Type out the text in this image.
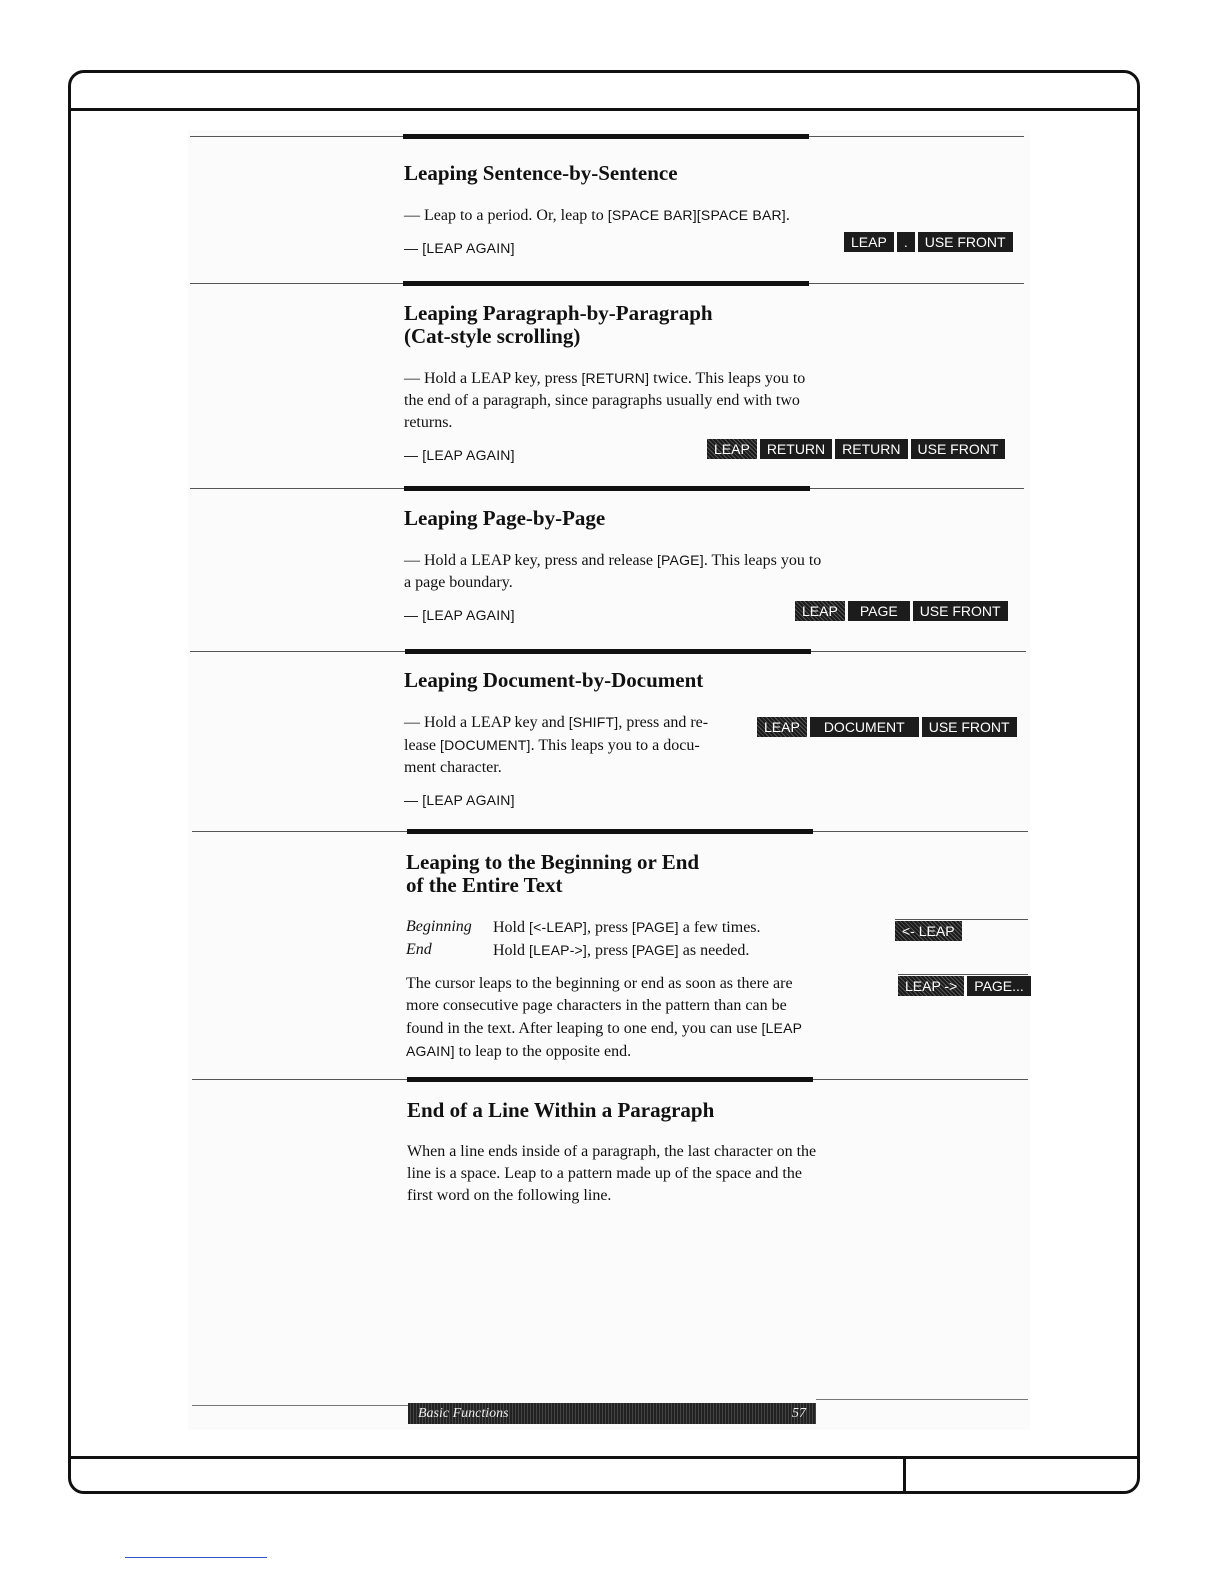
Leaping Sentence-by-Sentence

— Leap to a period. Or, leap to [SPACE BAR][SPACE BAR].

— [LEAP AGAIN]	LEAP	.	USE FRONT
Leaping Paragraph-by-Paragraph
(Cat-style scrolling)

— Hold a LEAP key, press [RETURN] twice. This leaps you to the end of a paragraph, since paragraphs usually end with two returns.

— [LEAP AGAIN]	LEAP	RETURN	RETURN	USE FRONT
Leaping Page-by-Page

— Hold a LEAP key, press and release [PAGE]. This leaps you to a page boundary.

— [LEAP AGAIN]	LEAP	PAGE	USE FRONT
Leaping Document-by-Document

— Hold a LEAP key and [SHIFT], press and re-
lease [DOCUMENT]. This leaps you to a docu-
ment character.

— [LEAP AGAIN]
LEAP	DOCUMENT	USE FRONT
Leaping to the Beginning or End
of the Entire Text
Beginning	Hold [<-LEAP], press [PAGE] a few times.
End	Hold [LEAP->], press [PAGE] as needed.

The cursor leaps to the beginning or end as soon as there are more consecutive page characters in the pattern than can be found in the text. After leaping to one end, you can use [LEAP AGAIN] to leap to the opposite end.

<- LEAP
LEAP ->	PAGE...
End of a Line Within a Paragraph

When a line ends inside of a paragraph, the last character on the line is a space. Leap to a pattern made up of the space and the first word on the following line.

Basic Functions	57
